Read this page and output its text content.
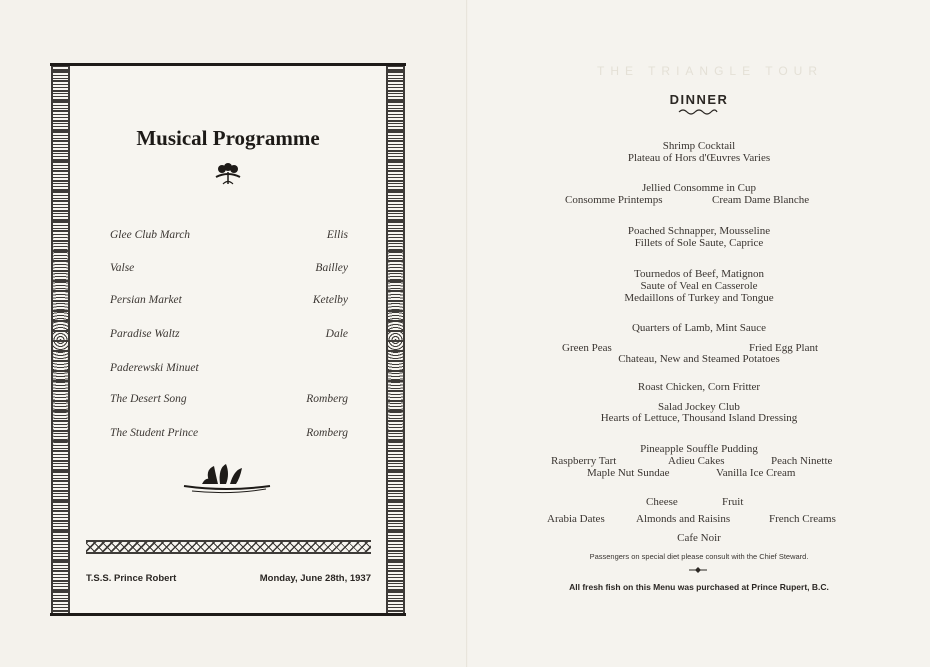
Musical Programme
Glee Club March	Ellis
Valse	Bailley
Persian Market	Ketelby
Paradise Waltz	Dale
Paderewski Minuet
The Desert Song	Romberg
The Student Prince	Romberg
T.S.S. Prince Robert	Monday, June 28th, 1937
THE TRIANGLE TOUR
DINNER
Shrimp Cocktail
Plateau of Hors d'Œuvres Varies
Jellied Consomme in Cup
Consomme Printemps	Cream Dame Blanche
Poached Schnapper, Mousseline
Fillets of Sole Saute, Caprice
Tournedos of Beef, Matignon
Saute of Veal en Casserole
Medaillons of Turkey and Tongue
Quarters of Lamb, Mint Sauce
Green Peas	Fried Egg Plant
Chateau, New and Steamed Potatoes
Roast Chicken, Corn Fritter
Salad Jockey Club
Hearts of Lettuce, Thousand Island Dressing
Pineapple Souffle Pudding
Raspberry Tart	Adieu Cakes	Peach Ninette
Maple Nut Sundae	Vanilla Ice Cream
Cheese	Fruit
Arabia Dates	Almonds and Raisins	French Creams
Cafe Noir
Passengers on special diet please consult with the Chief Steward.
All fresh fish on this Menu was purchased at Prince Rupert, B.C.
